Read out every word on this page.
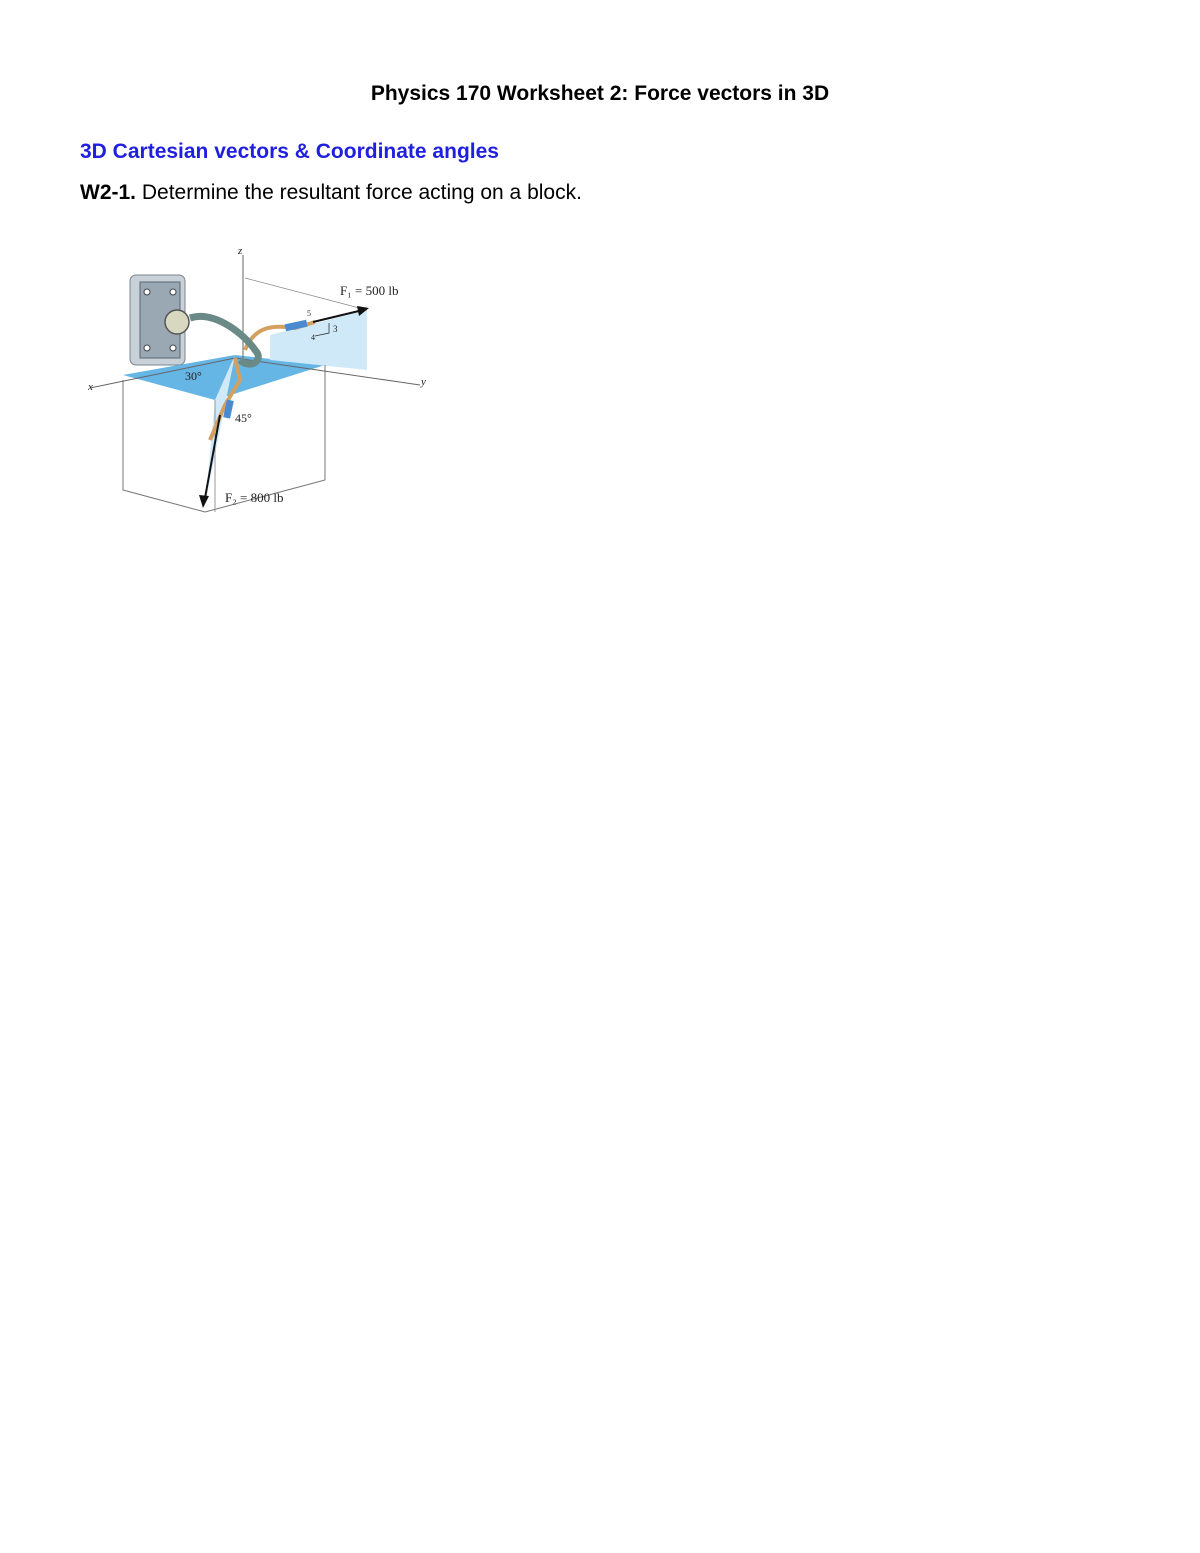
Physics 170 Worksheet 2: Force vectors in 3D
3D Cartesian vectors & Coordinate angles
W2-1. Determine the resultant force acting on a block.
z
x	y
F₁ = 500 lb
F₂ = 800 lb
30°
45°
5
4
3
